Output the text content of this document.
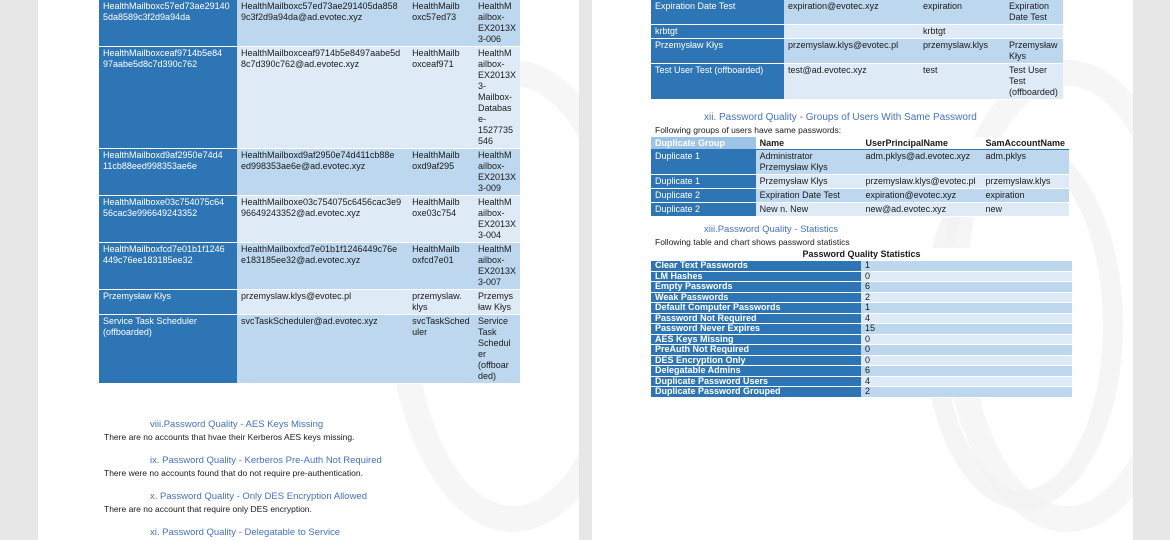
HealthMailboxc57ed73ae29140 5da8589c3f2d9a94da	HealthMailboxc57ed73ae291405da858 9c3f2d9a94da@ad.evotec.xyz	HealthMailb oxc57ed73	HealthM ailbox- EX2013X 3-006
HealthMailboxceaf9714b5e84 97aabe5d8c7d390c762	HealthMailboxceaf9714b5e8497aabe5d 8c7d390c762@ad.evotec.xyz	HealthMailb oxceaf971	HealthM ailbox- EX2013X 3- Mailbox- Databas e- 1527735 546
HealthMailboxd9af2950e74d4 11cb88eed998353ae6e	HealthMailboxd9af2950e74d411cb88e ed998353ae6e@ad.evotec.xyz	HealthMailb oxd9af295	HealthM ailbox- EX2013X 3-009
HealthMailboxe03c754075c64 56cac3e996649243352	HealthMailboxe03c754075c6456cac3e9 96649243352@ad.evotec.xyz	HealthMailb oxe03c754	HealthM ailbox- EX2013X 3-004
HealthMailboxfcd7e01b1f1246 449c76ee183185ee32	HealthMailboxfcd7e01b1f1246449c76e e183185ee32@ad.evotec.xyz	HealthMailb oxfcd7e01	HealthM ailbox- EX2013X 3-007
Przemysław Kłys	przemyslaw.klys@evotec.pl	przemyslaw. klys	Przemys ław Kłys
Service Task Scheduler (offboarded)	svcTaskScheduler@ad.evotec.xyz	svcTaskSched uler	Service Task Schedul er (offboar ded)
viii.Password Quality - AES Keys Missing
There are no accounts that hvae their Kerberos AES keys missing.
ix. Password Quality - Kerberos Pre-Auth Not Required
There were no accounts found that do not require pre-authentication.
x. Password Quality - Only DES Encryption Allowed
There are no account that require only DES encryption.
xi. Password Quality - Delegatable to Service
Expiration Date Test	expiration@evotec.xyz	expiration	Expiration Date Test
krbtgt		krbtgt	
Przemysław Kłys	przemyslaw.klys@evotec.pl	przemyslaw.klys	Przemysław Kłys
Test User Test (offboarded)	test@ad.evotec.xyz	test	Test User Test (offboarded)
xii. Password Quality - Groups of Users With Same Password
Following groups of users have same passwords:
Duplicate Group	Name	UserPrincipalName	SamAccountName
Duplicate 1	Administrator Przemysław Kłys	adm.pklys@ad.evotec.xyz	adm.pklys
Duplicate 1	Przemysław Kłys	przemyslaw.klys@evotec.pl	przemyslaw.klys
Duplicate 2	Expiration Date Test	expiration@evotec.xyz	expiration
Duplicate 2	New n. New	new@ad.evotec.xyz	new
xiii.Password Quality - Statistics
Following table and chart shows password statistics
Password Quality Statistics	
Clear Text Passwords	1
LM Hashes	0
Empty Passwords	6
Weak Passwords	2
Default Computer Passwords	1
Password Not Required	4
Password Never Expires	15
AES Keys Missing	0
PreAuth Not Required	0
DES Encryption Only	0
Delegatable Admins	6
Duplicate Password Users	4
Duplicate Password Grouped	2
